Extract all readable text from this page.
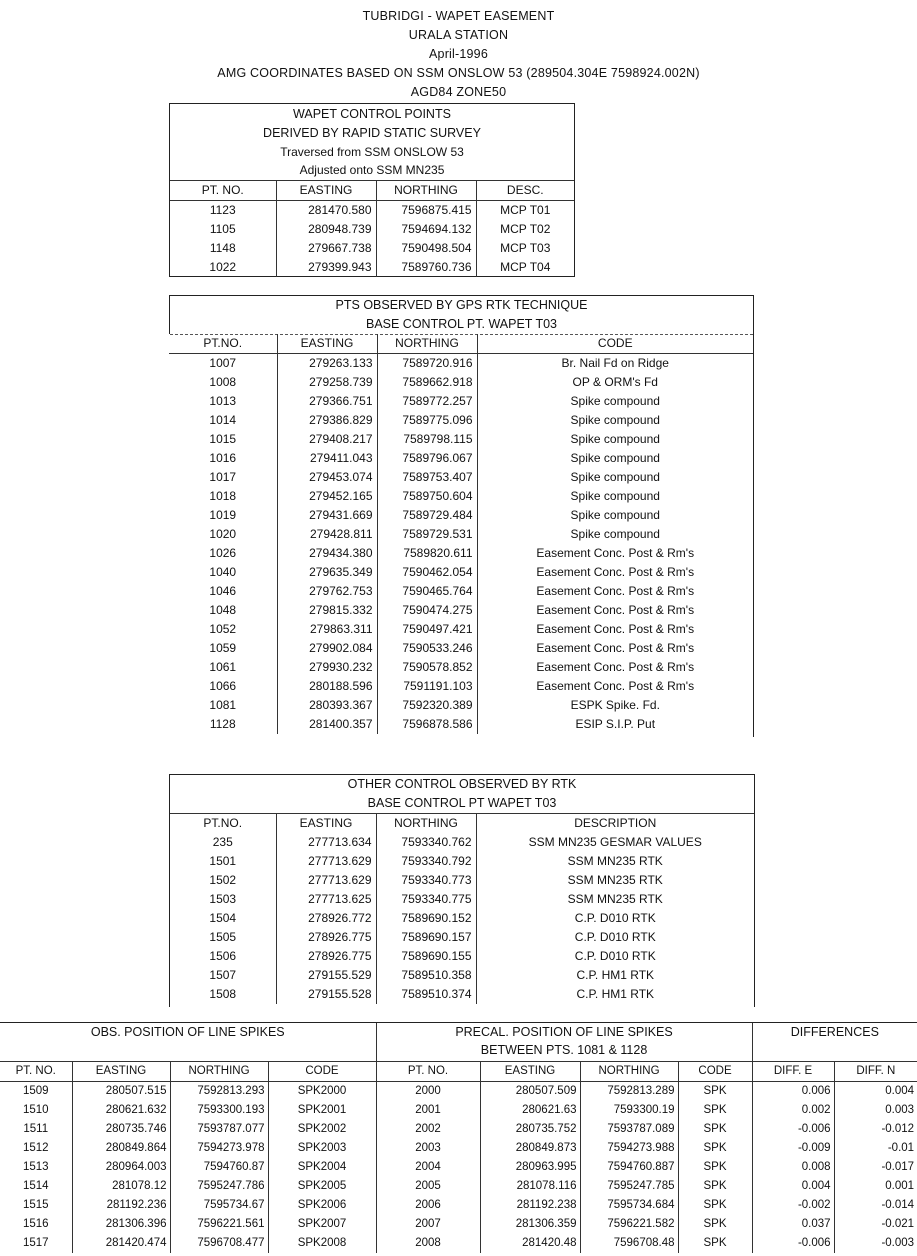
TUBRIDGI - WAPET EASEMENT
URALA STATION
April-1996
AMG COORDINATES BASED ON SSM ONSLOW 53 (289504.304E 7598924.002N)
AGD84 ZONE50
WAPET CONTROL POINTS
DERIVED BY RAPID STATIC SURVEY
Traversed from SSM ONSLOW 53
Adjusted onto SSM MN235
PT. NO.	EASTING	NORTHING	DESC.
1123	281470.580	7596875.415	MCP T01
1105	280948.739	7594694.132	MCP T02
1148	279667.738	7590498.504	MCP T03
1022	279399.943	7589760.736	MCP T04
PTS OBSERVED BY GPS RTK TECHNIQUE
BASE CONTROL PT. WAPET T03
PT.NO.	EASTING	NORTHING	CODE
1007	279263.133	7589720.916	Br. Nail Fd on Ridge
1008	279258.739	7589662.918	OP & ORM's Fd
1013	279366.751	7589772.257	Spike compound
1014	279386.829	7589775.096	Spike compound
1015	279408.217	7589798.115	Spike compound
1016	279411.043	7589796.067	Spike compound
1017	279453.074	7589753.407	Spike compound
1018	279452.165	7589750.604	Spike compound
1019	279431.669	7589729.484	Spike compound
1020	279428.811	7589729.531	Spike compound
1026	279434.380	7589820.611	Easement Conc. Post & Rm's
1040	279635.349	7590462.054	Easement Conc. Post & Rm's
1046	279762.753	7590465.764	Easement Conc. Post & Rm's
1048	279815.332	7590474.275	Easement Conc. Post & Rm's
1052	279863.311	7590497.421	Easement Conc. Post & Rm's
1059	279902.084	7590533.246	Easement Conc. Post & Rm's
1061	279930.232	7590578.852	Easement Conc. Post & Rm's
1066	280188.596	7591191.103	Easement Conc. Post & Rm's
1081	280393.367	7592320.389	ESPK Spike. Fd.
1128	281400.357	7596878.586	ESIP S.I.P. Put
OTHER CONTROL OBSERVED BY RTK
BASE CONTROL PT WAPET T03
PT.NO.	EASTING	NORTHING	DESCRIPTION
235	277713.634	7593340.762	SSM MN235 GESMAR VALUES
1501	277713.629	7593340.792	SSM MN235 RTK
1502	277713.629	7593340.773	SSM MN235 RTK
1503	277713.625	7593340.775	SSM MN235 RTK
1504	278926.772	7589690.152	C.P. D010 RTK
1505	278926.775	7589690.157	C.P. D010 RTK
1506	278926.775	7589690.155	C.P. D010 RTK
1507	279155.529	7589510.358	C.P. HM1 RTK
1508	279155.528	7589510.374	C.P. HM1 RTK
OBS. POSITION OF LINE SPIKES				PRECAL. POSITION OF LINE SPIKES
BETWEEN PTS. 1081 & 1128				DIFFERENCES	
PT. NO.	EASTING	NORTHING	CODE	PT. NO.	EASTING	NORTHING	CODE	DIFF. E	DIFF. N
1509	280507.515	7592813.293	SPK2000	2000	280507.509	7592813.289	SPK	0.006	0.004
1510	280621.632	7593300.193	SPK2001	2001	280621.63	7593300.19	SPK	0.002	0.003
1511	280735.746	7593787.077	SPK2002	2002	280735.752	7593787.089	SPK	-0.006	-0.012
1512	280849.864	7594273.978	SPK2003	2003	280849.873	7594273.988	SPK	-0.009	-0.01
1513	280964.003	7594760.87	SPK2004	2004	280963.995	7594760.887	SPK	0.008	-0.017
1514	281078.12	7595247.786	SPK2005	2005	281078.116	7595247.785	SPK	0.004	0.001
1515	281192.236	7595734.67	SPK2006	2006	281192.238	7595734.684	SPK	-0.002	-0.014
1516	281306.396	7596221.561	SPK2007	2007	281306.359	7596221.582	SPK	0.037	-0.021
1517	281420.474	7596708.477	SPK2008	2008	281420.48	7596708.48	SPK	-0.006	-0.003
